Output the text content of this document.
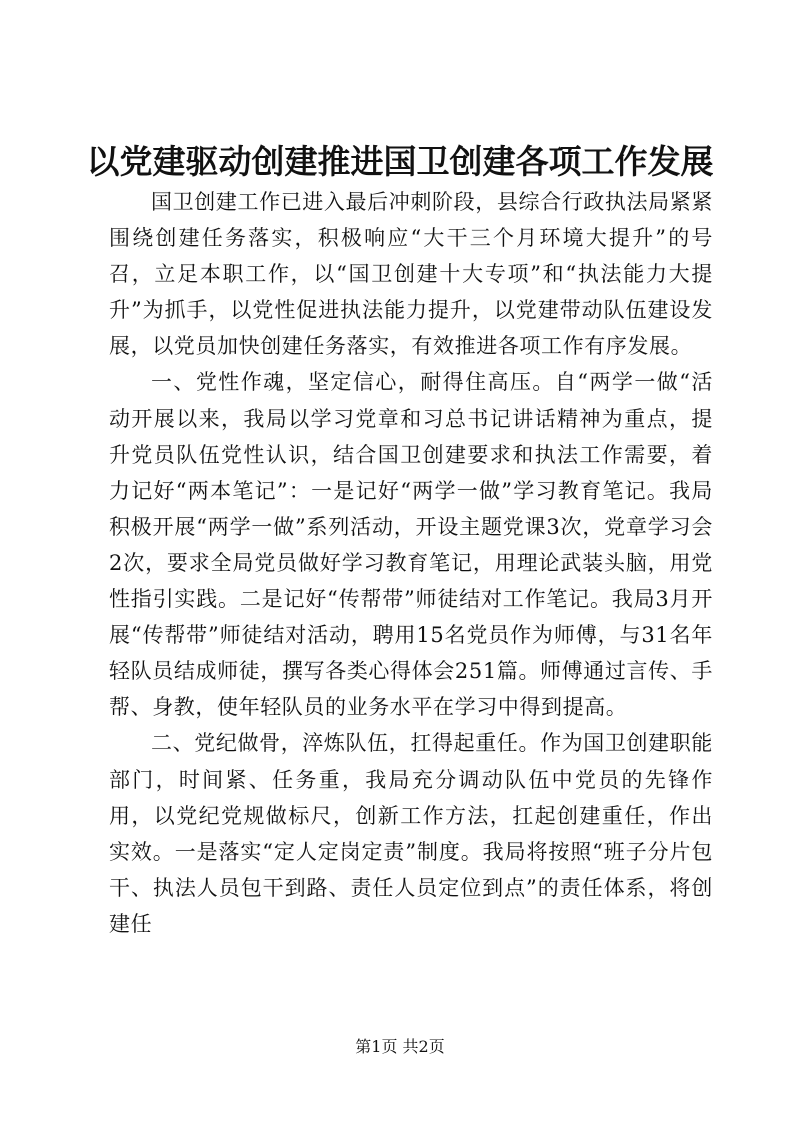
以党建驱动创建推进国卫创建各项工作发展

国卫创建工作已进入最后冲刺阶段，县综合行政执法局紧紧围绕创建任务落实，积极响应“大干三个月环境大提升”的号召，立足本职工作，以“国卫创建十大专项”和“执法能力大提升”为抓手，以党性促进执法能力提升，以党建带动队伍建设发展，以党员加快创建任务落实，有效推进各项工作有序发展。

一、党性作魂，坚定信心，耐得住高压。自“两学一做“活动开展以来，我局以学习党章和习总书记讲话精神为重点，提升党员队伍党性认识，结合国卫创建要求和执法工作需要，着力记好“两本笔记”：一是记好“两学一做”学习教育笔记。我局积极开展“两学一做”系列活动，开设主题党课3次，党章学习会2次，要求全局党员做好学习教育笔记，用理论武装头脑，用党性指引实践。二是记好“传帮带”师徒结对工作笔记。我局3月开展“传帮带”师徒结对活动，聘用15名党员作为师傅，与31名年轻队员结成师徒，撰写各类心得体会251篇。师傅通过言传、手帮、身教，使年轻队员的业务水平在学习中得到提高。

二、党纪做骨，淬炼队伍，扛得起重任。作为国卫创建职能部门，时间紧、任务重，我局充分调动队伍中党员的先锋作用，以党纪党规做标尺，创新工作方法，扛起创建重任，作出实效。一是落实“定人定岗定责”制度。我局将按照“班子分片包干、执法人员包干到路、责任人员定位到点”的责任体系，将创建任

第1页 共2页
